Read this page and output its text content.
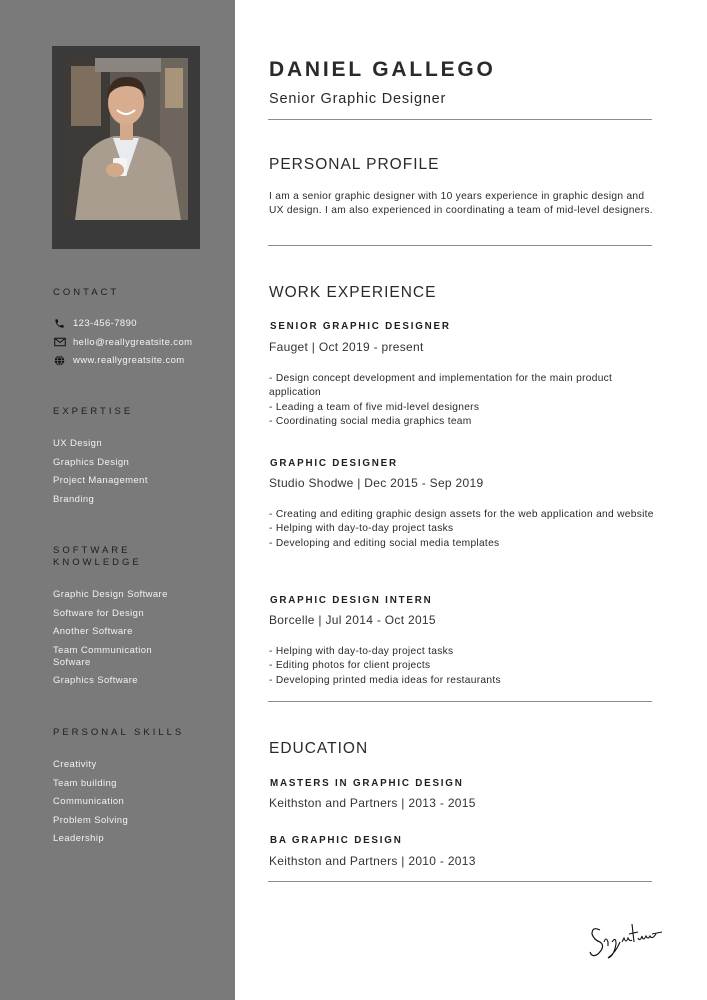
CONTACT
123-456-7890
hello@reallygreatsite.com
www.reallygreatsite.com
EXPERTISE
UX Design
Graphics Design
Project Management
Branding
SOFTWARE
KNOWLEDGE
Graphic Design Software
Software for Design
Another Software
Team Communication Sofware
Graphics Software
PERSONAL SKILLS
Creativity
Team building
Communication
Problem Solving
Leadership
DANIEL GALLEGO
Senior Graphic Designer
PERSONAL PROFILE

I am a senior graphic designer with 10 years experience in graphic design and UX design. I am also experienced in coordinating a team of mid-level designers.

WORK EXPERIENCE
SENIOR GRAPHIC DESIGNER
Fauget | Oct 2019 - present
- Design concept development and implementation for the main product application
- Leading a team of five mid-level designers
- Coordinating social media graphics team
GRAPHIC DESIGNER
Studio Shodwe | Dec 2015 - Sep 2019
- Creating and editing graphic design assets for the web application and website
- Helping with day-to-day project tasks
- Developing and editing social media templates
GRAPHIC DESIGN INTERN
Borcelle | Jul 2014 - Oct 2015
- Helping with day-to-day project tasks
- Editing photos for client projects
- Developing printed media ideas for restaurants
EDUCATION
MASTERS IN GRAPHIC DESIGN
Keithston and Partners | 2013 - 2015
BA GRAPHIC DESIGN
Keithston and Partners | 2010 - 2013
